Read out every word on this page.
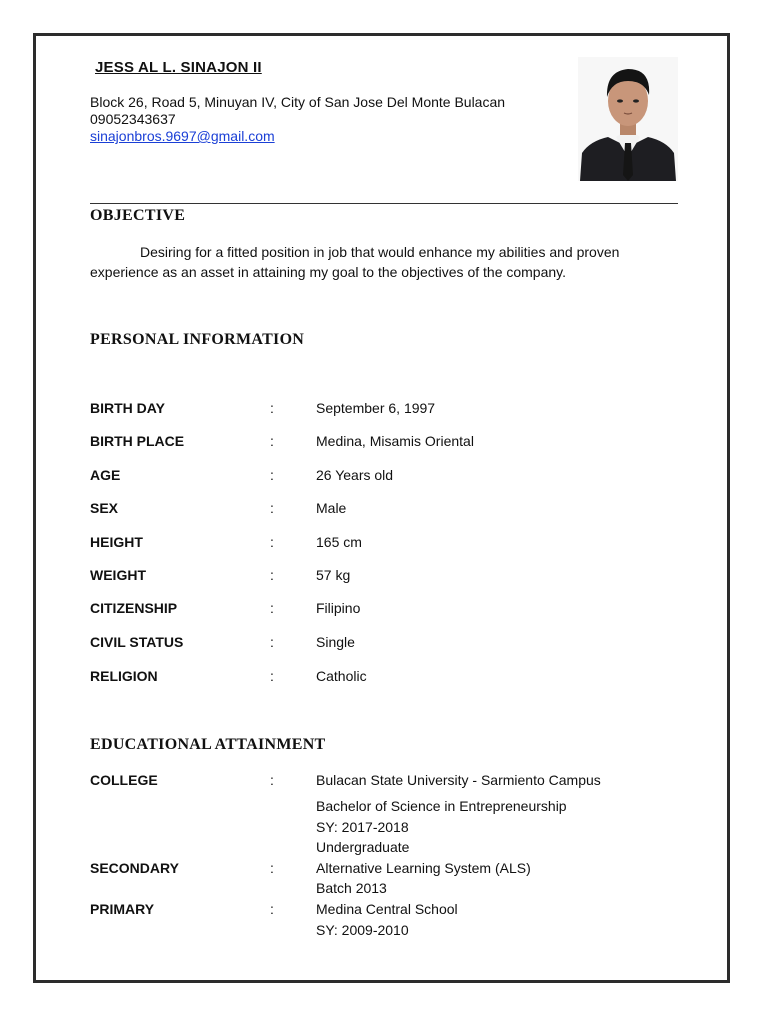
JESS AL L. SINAJON II
Block 26, Road 5, Minuyan IV, City of San Jose Del Monte Bulacan
09052343637
sinajonbros.9697@gmail.com
OBJECTIVE
Desiring for a fitted position in job that would enhance my abilities and proven experience as an asset in attaining my goal to the objectives of the company.
PERSONAL INFORMATION
BIRTH DAY	:	September 6, 1997
BIRTH PLACE	:	Medina, Misamis Oriental
AGE	:	26 Years old
SEX	:	Male
HEIGHT	:	165 cm
WEIGHT	:	57 kg
CITIZENSHIP	:	Filipino
CIVIL STATUS	:	Single
RELIGION	:	Catholic
EDUCATIONAL ATTAINMENT
COLLEGE	:	Bulacan State University - Sarmiento Campus
Bachelor of Science in Entrepreneurship
SY: 2017-2018
Undergraduate
SECONDARY	:	Alternative Learning System (ALS)
Batch 2013
PRIMARY	:	Medina Central School
SY: 2009-2010
